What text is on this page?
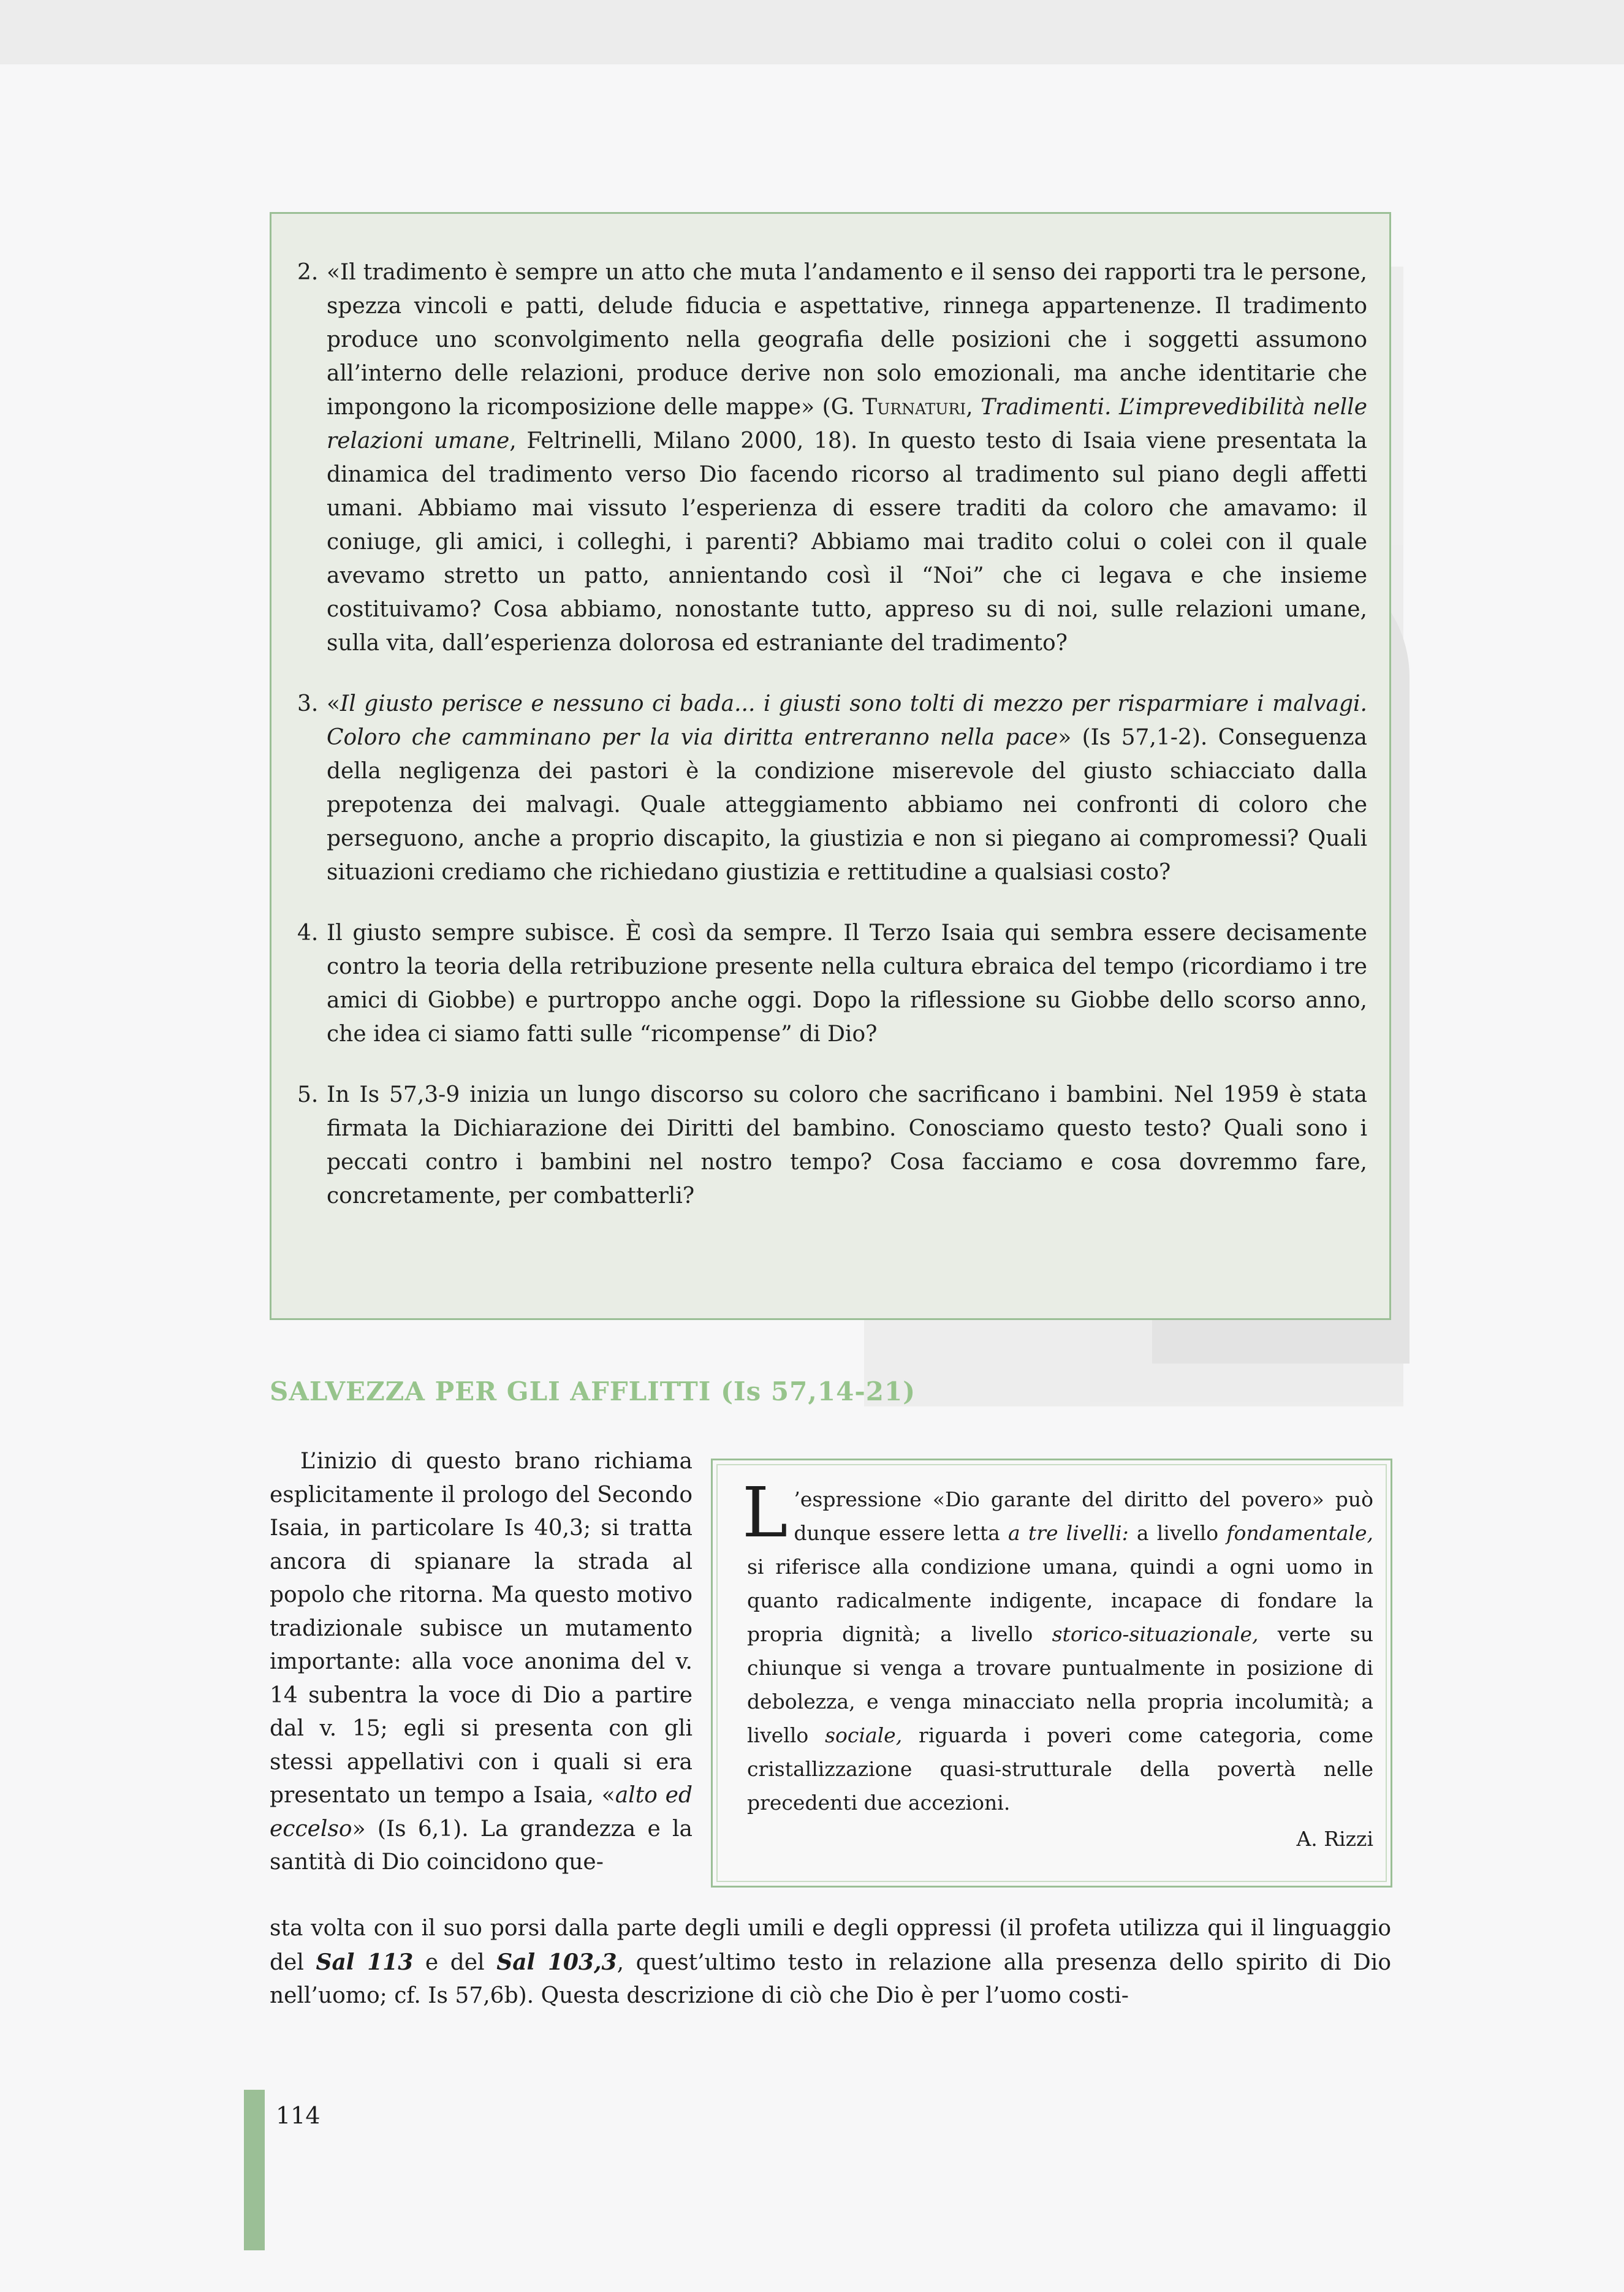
2. «Il tradimento è sempre un atto che muta l’andamento e il senso dei rapporti tra le persone, spezza vincoli e patti, delude fiducia e aspettative, rinnega appartenenze. Il tradimento produce uno sconvolgimento nella geografia delle posizioni che i soggetti assumono all’interno delle relazioni, produce derive non solo emozionali, ma anche identitarie che impongono la ricomposizione delle mappe» (G. Turnaturi, Tradimenti. L’imprevedibilità nelle relazioni umane, Feltrinelli, Milano 2000, 18). In questo testo di Isaia viene presentata la dinamica del tradimento verso Dio facendo ricorso al tradimento sul piano degli affetti umani. Abbiamo mai vissuto l’esperienza di essere traditi da coloro che amavamo: il coniuge, gli amici, i colleghi, i parenti? Abbiamo mai tradito colui o colei con il quale avevamo stretto un patto, annientando così il “Noi” che ci legava e che insieme costituivamo? Cosa abbiamo, nonostante tutto, appreso su di noi, sulle relazioni umane, sulla vita, dall’esperienza dolorosa ed estraniante del tradimento?
3. «Il giusto perisce e nessuno ci bada... i giusti sono tolti di mezzo per risparmiare i malvagi. Coloro che camminano per la via diritta entreranno nella pace» (Is 57,1-2). Conseguenza della negligenza dei pastori è la condizione miserevole del giusto schiacciato dalla prepotenza dei malvagi. Quale atteggiamento abbiamo nei confronti di coloro che perseguono, anche a proprio discapito, la giustizia e non si piegano ai compromessi? Quali situazioni crediamo che richiedano giustizia e rettitudine a qualsiasi costo?
4. Il giusto sempre subisce. È così da sempre. Il Terzo Isaia qui sembra essere decisamente contro la teoria della retribuzione presente nella cultura ebraica del tempo (ricordiamo i tre amici di Giobbe) e purtroppo anche oggi. Dopo la riflessione su Giobbe dello scorso anno, che idea ci siamo fatti sulle “ricompense” di Dio?
5. In Is 57,3-9 inizia un lungo discorso su coloro che sacrificano i bambini. Nel 1959 è stata firmata la Dichiarazione dei Diritti del bambino. Conosciamo questo testo? Quali sono i peccati contro i bambini nel nostro tempo? Cosa facciamo e cosa dovremmo fare, concretamente, per combatterli?
SALVEZZA PER GLI AFFLITTI (Is 57,14-21)

L’inizio di questo brano richiama esplicitamente il prologo del Secondo Isaia, in particolare Is 40,3; si tratta ancora di spianare la strada al popolo che ritorna. Ma questo motivo tradizionale subisce un mutamento importante: alla voce anonima del v. 14 subentra la voce di Dio a partire dal v. 15; egli si presenta con gli stessi appellativi con i quali si era presentato un tempo a Isaia, «alto ed eccelso» (Is 6,1). La grandezza e la santità di Dio coincidono que-

L ’espressione «Dio garante del diritto del povero» può dunque essere letta a tre livelli: a livello fondamentale, si riferisce alla condizione umana, quindi a ogni uomo in quanto radicalmente indigente, incapace di fondare la propria dignità; a livello storico-situazionale, verte su chiunque si venga a trovare puntualmente in posizione di debolezza, e venga minacciato nella propria incolumità; a livello sociale, riguarda i poveri come categoria, come cristallizzazione quasi-strutturale della povertà nelle precedenti due accezioni.
A. Rizzi
sta volta con il suo porsi dalla parte degli umili e degli oppressi (il profeta utilizza qui il linguaggio del Sal 113 e del Sal 103,3, quest’ultimo testo in relazione alla presenza dello spirito di Dio nell’uomo; cf. Is 57,6b). Questa descrizione di ciò che Dio è per l’uomo costi-
114
